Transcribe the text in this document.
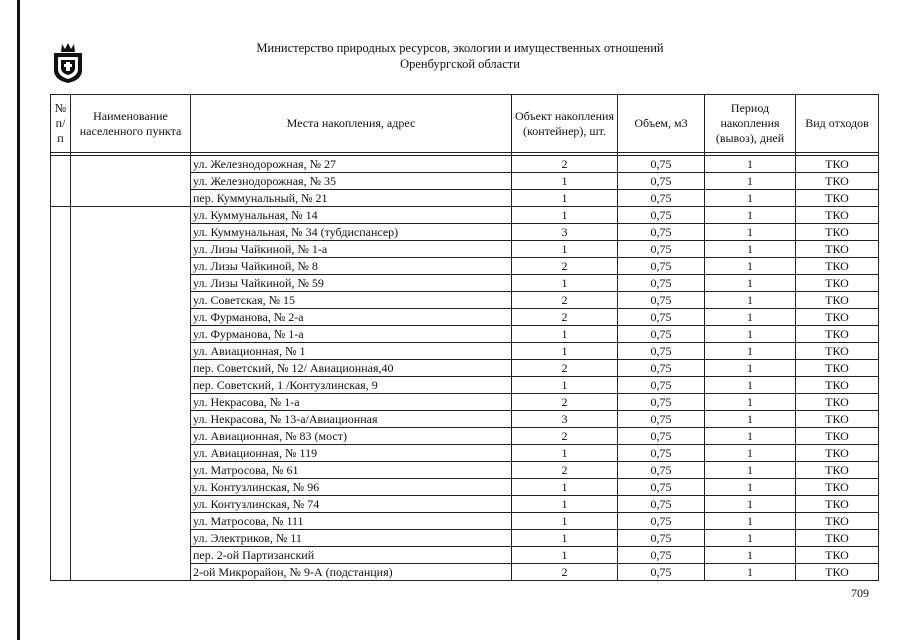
Министерство природных ресурсов, экологии и имущественных отношений
Оренбургской области
№ п/п	Наименование населенного пункта	Места накопления, адрес	Объект накопления (контейнер), шт.	Объем, м3	Период накопления (вывоз), дней	Вид отходов

		ул. Железнодорожная, № 27	2	0,75	1	ТКО
		ул. Железнодорожная, № 35	1	0,75	1	ТКО
		пер. Куммунальный, № 21	1	0,75	1	ТКО
		ул. Куммунальная, № 14	1	0,75	1	ТКО
		ул. Куммунальная, № 34 (тубдиспансер)	3	0,75	1	ТКО
		ул. Лизы Чайкиной, № 1-а	1	0,75	1	ТКО
		ул. Лизы Чайкиной, № 8	2	0,75	1	ТКО
		ул. Лизы Чайкиной, № 59	1	0,75	1	ТКО
		ул. Советская, № 15	2	0,75	1	ТКО
		ул. Фурманова, № 2-а	2	0,75	1	ТКО
		ул. Фурманова, № 1-а	1	0,75	1	ТКО
		ул. Авиационная, № 1	1	0,75	1	ТКО
		пер. Советский, № 12/ Авиационная,40	2	0,75	1	ТКО
		пер. Советский, 1 /Контузлинская, 9	1	0,75	1	ТКО
		ул. Некрасова, № 1-а	2	0,75	1	ТКО
		ул. Некрасова, № 13-а/Авиационная	3	0,75	1	ТКО
		ул. Авиационная, № 83 (мост)	2	0,75	1	ТКО
		ул. Авиационная, № 119	1	0,75	1	ТКО
		ул. Матросова, № 61	2	0,75	1	ТКО
		ул. Контузлинская, № 96	1	0,75	1	ТКО
		ул. Контузлинская, № 74	1	0,75	1	ТКО
		ул. Матросова, № 111	1	0,75	1	ТКО
		ул. Электриков, № 11	1	0,75	1	ТКО
		пер. 2-ой Партизанский	1	0,75	1	ТКО
		2-ой Микрорайон, № 9-А (подстанция)	2	0,75	1	ТКО
709
